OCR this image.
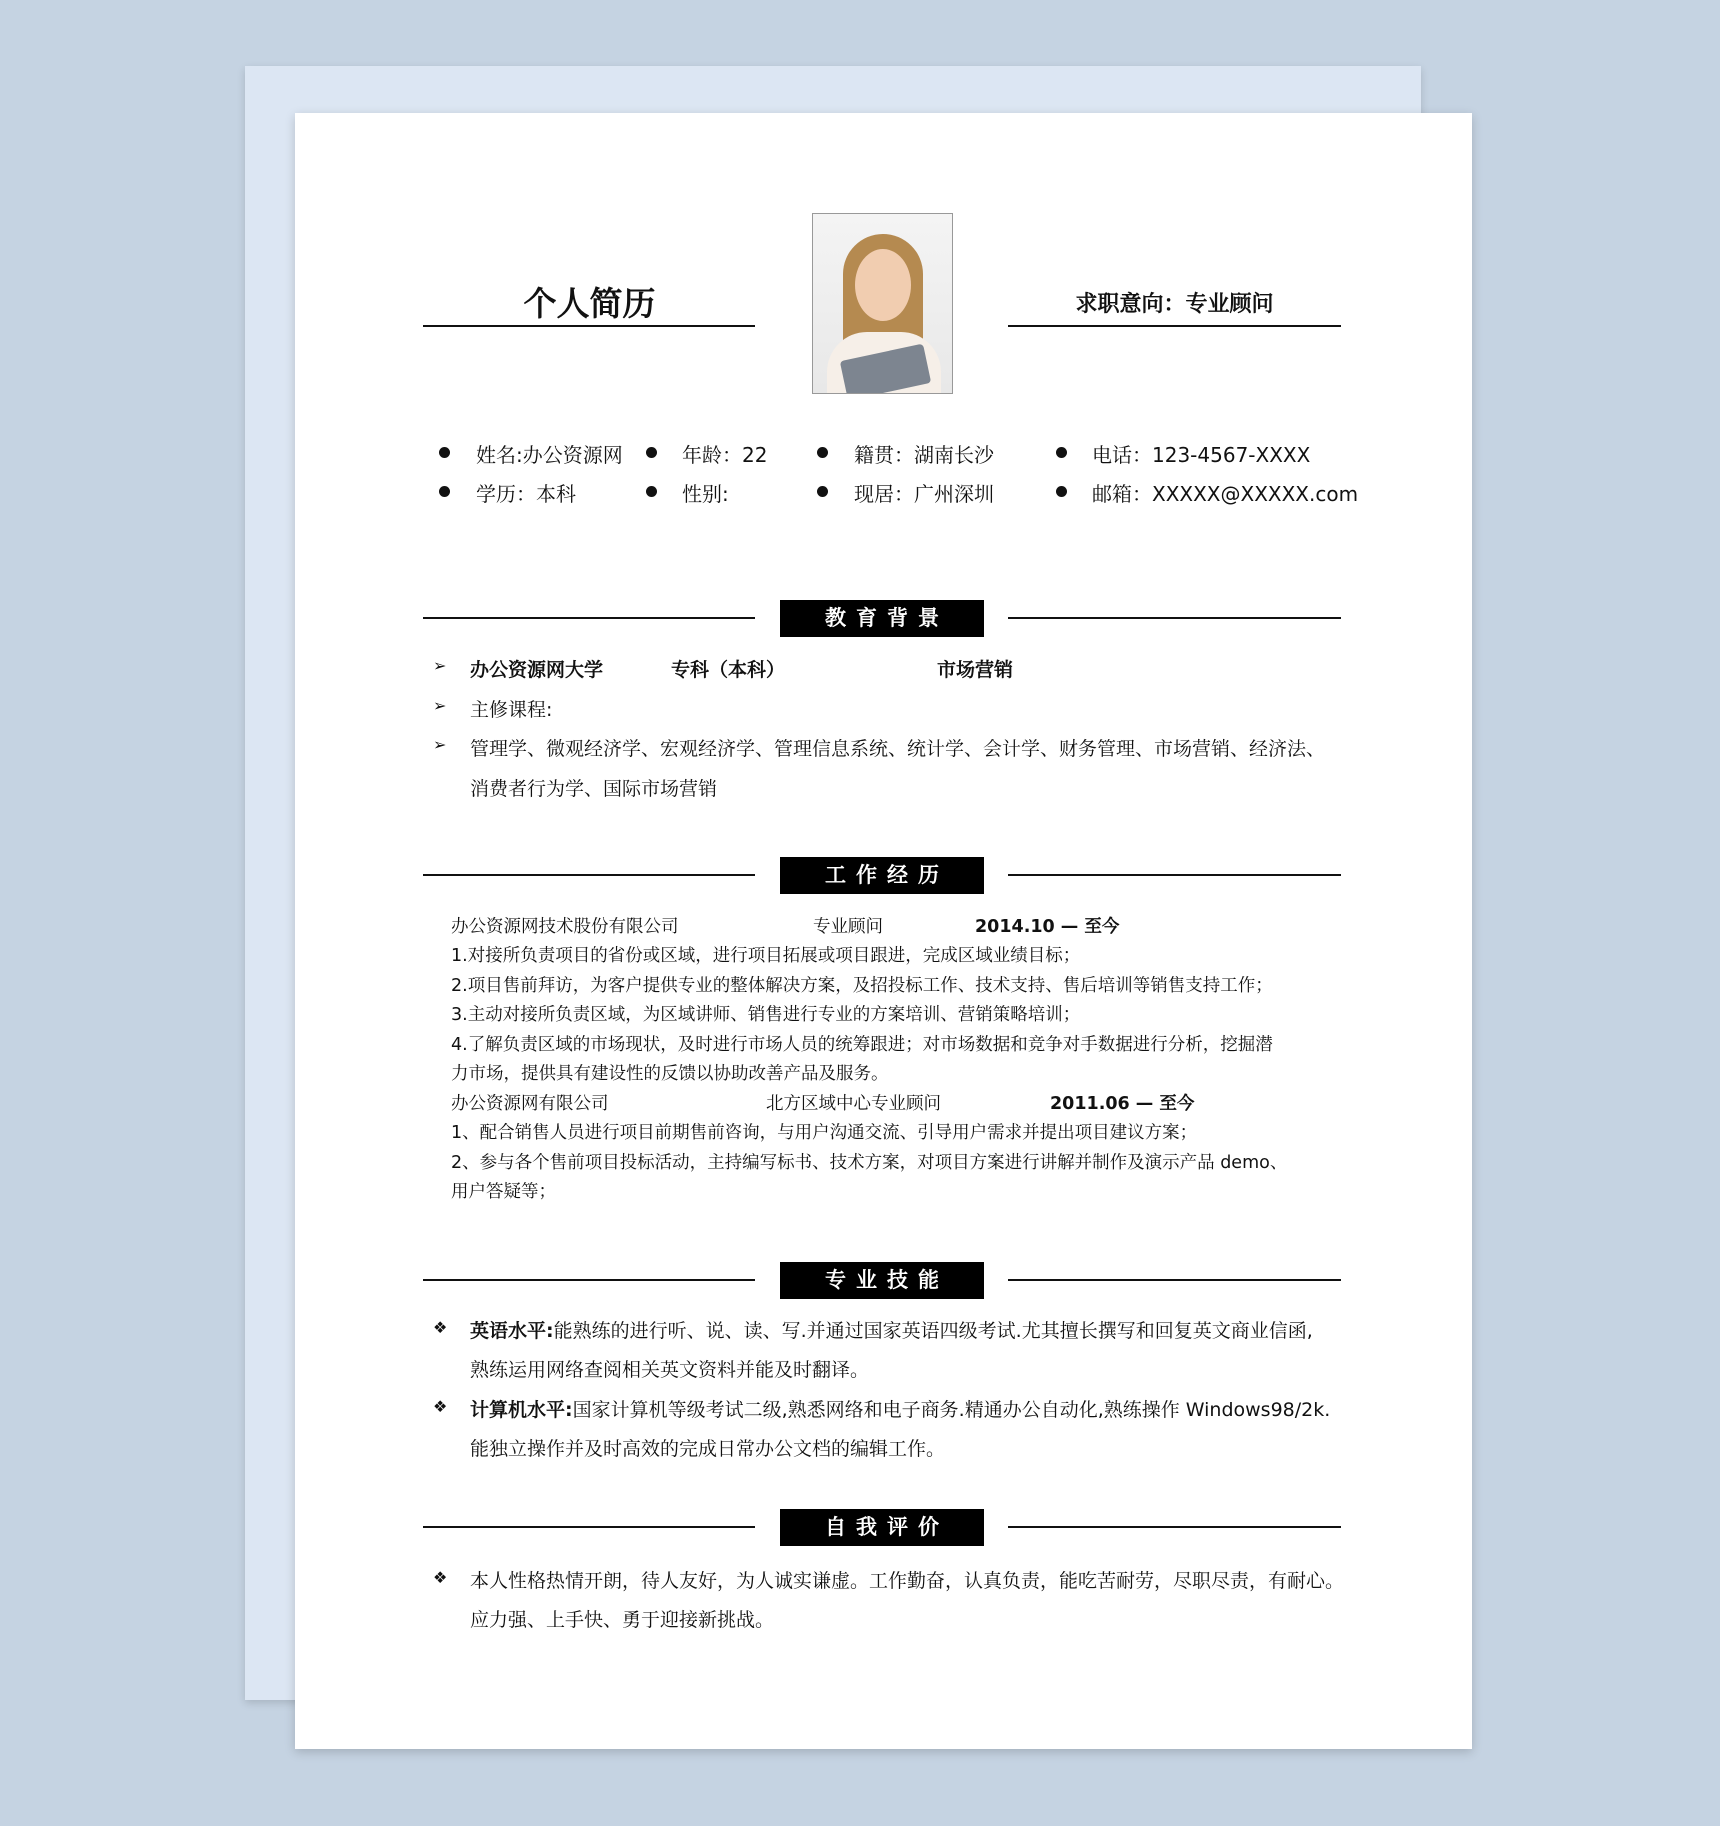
个人简历	求职意向：专业顾问
姓名:办公资源网	年龄：22	籍贯：湖南长沙	电话：123-4567-XXXX
学历：本科	性别:	现居：广州深圳	邮箱：XXXXX@XXXXX.com
教育背景
➢ 办公资源网大学	专科（本科）	市场营销
➢ 主修课程:
➢ 管理学、微观经济学、宏观经济学、管理信息系统、统计学、会计学、财务管理、市场营销、经济法、
消费者行为学、国际市场营销
工作经历
办公资源网技术股份有限公司	专业顾问	2014.10 — 至今
1.对接所负责项目的省份或区域，进行项目拓展或项目跟进，完成区域业绩目标；
2.项目售前拜访，为客户提供专业的整体解决方案，及招投标工作、技术支持、售后培训等销售支持工作；
3.主动对接所负责区域，为区域讲师、销售进行专业的方案培训、营销策略培训；
4.了解负责区域的市场现状，及时进行市场人员的统筹跟进；对市场数据和竞争对手数据进行分析，挖掘潜
力市场，提供具有建设性的反馈以协助改善产品及服务。
办公资源网有限公司	北方区域中心专业顾问	2011.06 — 至今
1、配合销售人员进行项目前期售前咨询，与用户沟通交流、引导用户需求并提出项目建议方案；
2、参与各个售前项目投标活动，主持编写标书、技术方案，对项目方案进行讲解并制作及演示产品 demo、
用户答疑等；
专业技能
❖ 英语水平:能熟练的进行听、说、读、写.并通过国家英语四级考试.尤其擅长撰写和回复英文商业信函,
熟练运用网络查阅相关英文资料并能及时翻译。
❖ 计算机水平:国家计算机等级考试二级,熟悉网络和电子商务.精通办公自动化,熟练操作 Windows98/2k.
能独立操作并及时高效的完成日常办公文档的编辑工作。
自我评价
❖ 本人性格热情开朗，待人友好，为人诚实谦虚。工作勤奋，认真负责，能吃苦耐劳，尽职尽责，有耐心。
应力强、上手快、勇于迎接新挑战。
